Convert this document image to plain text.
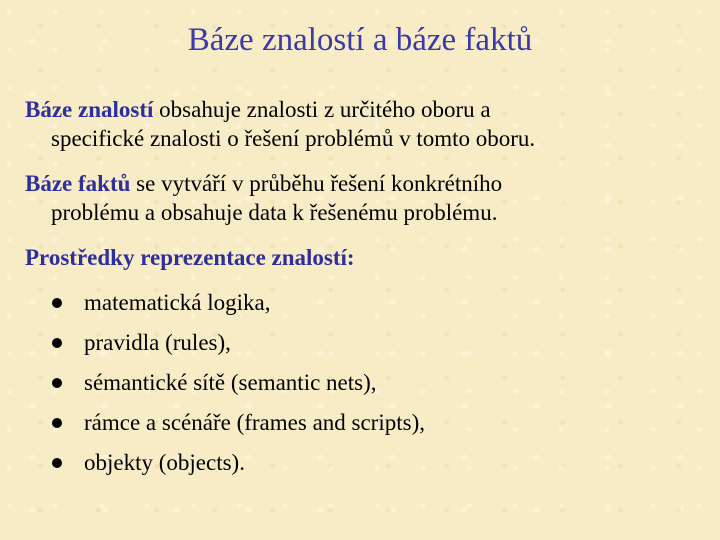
Báze znalostí a báze faktů
Báze znalostí obsahuje znalosti z určitého oboru a
specifické znalosti o řešení problémů v tomto oboru.
Báze faktů se vytváří v průběhu řešení konkrétního
problému a obsahuje data k řešenému problému.
Prostředky reprezentace znalostí:
matematická logika,
pravidla (rules),
sémantické sítě (semantic nets),
rámce a scénáře (frames and scripts),
objekty (objects).
